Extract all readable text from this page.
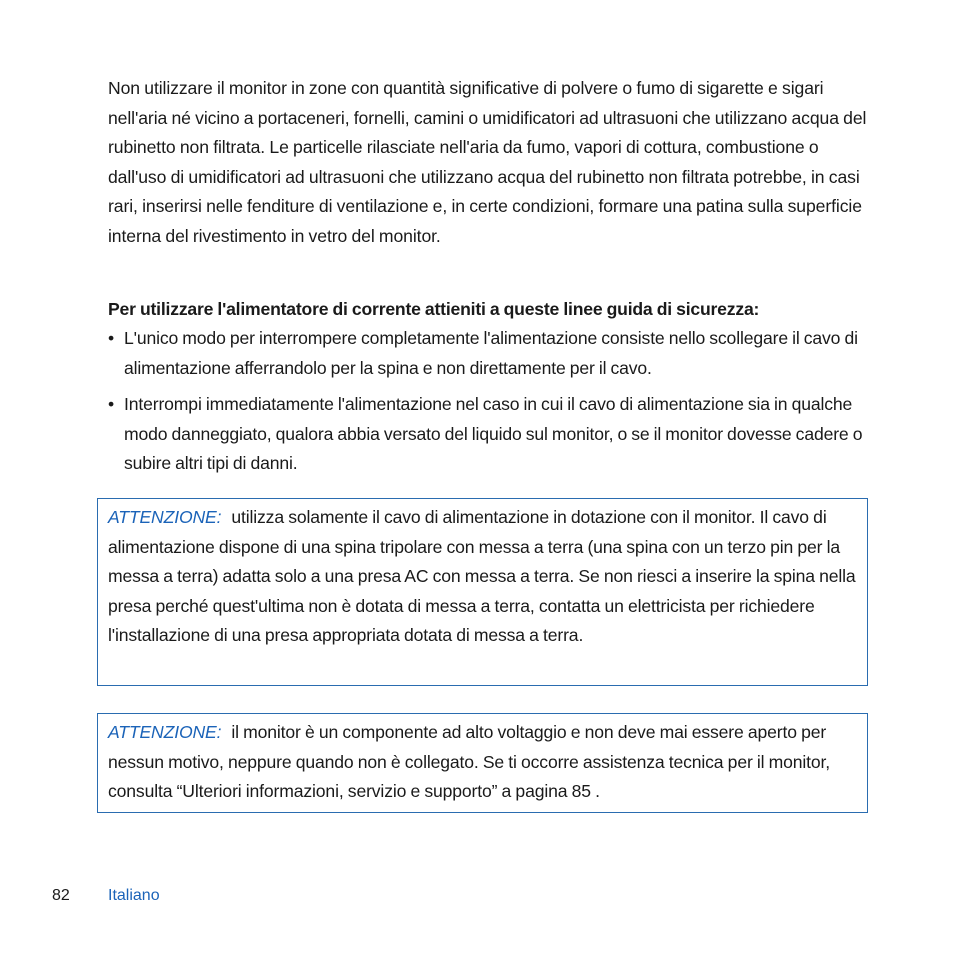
Non utilizzare il monitor in zone con quantità significative di polvere o fumo di sigarette e sigari nell'aria né vicino a portaceneri, fornelli, camini o umidificatori ad ultrasuoni che utilizzano acqua del rubinetto non filtrata. Le particelle rilasciate nell'aria da fumo, vapori di cottura, combustione o dall'uso di umidificatori ad ultrasuoni che utilizzano acqua del rubinetto non filtrata potrebbe, in casi rari, inserirsi nelle fenditure di ventilazione e, in certe condizioni, formare una patina sulla superficie interna del rivestimento in vetro del monitor.

Per utilizzare l'alimentatore di corrente attieniti a queste linee guida di sicurezza:

• L'unico modo per interrompere completamente l'alimentazione consiste nello scollegare il cavo di alimentazione afferrandolo per la spina e non direttamente per il cavo.
• Interrompi immediatamente l'alimentazione nel caso in cui il cavo di alimentazione sia in qualche modo danneggiato, qualora abbia versato del liquido sul monitor, o se il monitor dovesse cadere o subire altri tipi di danni.
ATTENZIONE: utilizza solamente il cavo di alimentazione in dotazione con il monitor. Il cavo di alimentazione dispone di una spina tripolare con messa a terra (una spina con un terzo pin per la messa a terra) adatta solo a una presa AC con messa a terra. Se non riesci a inserire la spina nella presa perché quest'ultima non è dotata di messa a terra, contatta un elettricista per richiedere l'installazione di una presa appropriata dotata di messa a terra.
ATTENZIONE: il monitor è un componente ad alto voltaggio e non deve mai essere aperto per nessun motivo, neppure quando non è collegato. Se ti occorre assistenza tecnica per il monitor, consulta “Ulteriori informazioni, servizio e supporto” a pagina 85 .
82 Italiano
